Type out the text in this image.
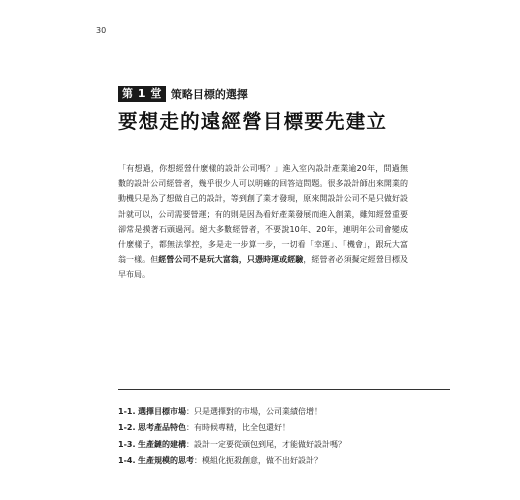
30
第 1 堂 策略目標的選擇
要想走的遠經營目標要先建立

「有想過，你想經營什麼樣的設計公司嗎？」進入室內設計產業逾20年，問過無數的設計公司經營者，幾乎很少人可以明確的回答這問題。很多設計師出來開業的動機只是為了想做自己的設計，等到創了業才發現，原來開設計公司不是只做好設計就可以，公司需要營運；有的則是因為看好產業發展而進入創業，雖知經營重要卻常是摸著石頭過河。絕大多數經營者，不要說10年、20年，連明年公司會變成什麼樣子，都無法掌控，多是走一步算一步，一切看「幸運」、「機會」，跟玩大富翁一樣。但經營公司不是玩大富翁，只憑時運或經驗，經營者必須擬定經營目標及早布局。

1-1. 選擇目標市場：只是選擇對的市場，公司業績倍增！
1-2. 思考產品特色：有時候專精，比全包還好！
1-3. 生產鏈的建構：設計一定要從頭包到尾，才能做好設計嗎？
1-4. 生產規模的思考：模組化扼殺創意，做不出好設計？
